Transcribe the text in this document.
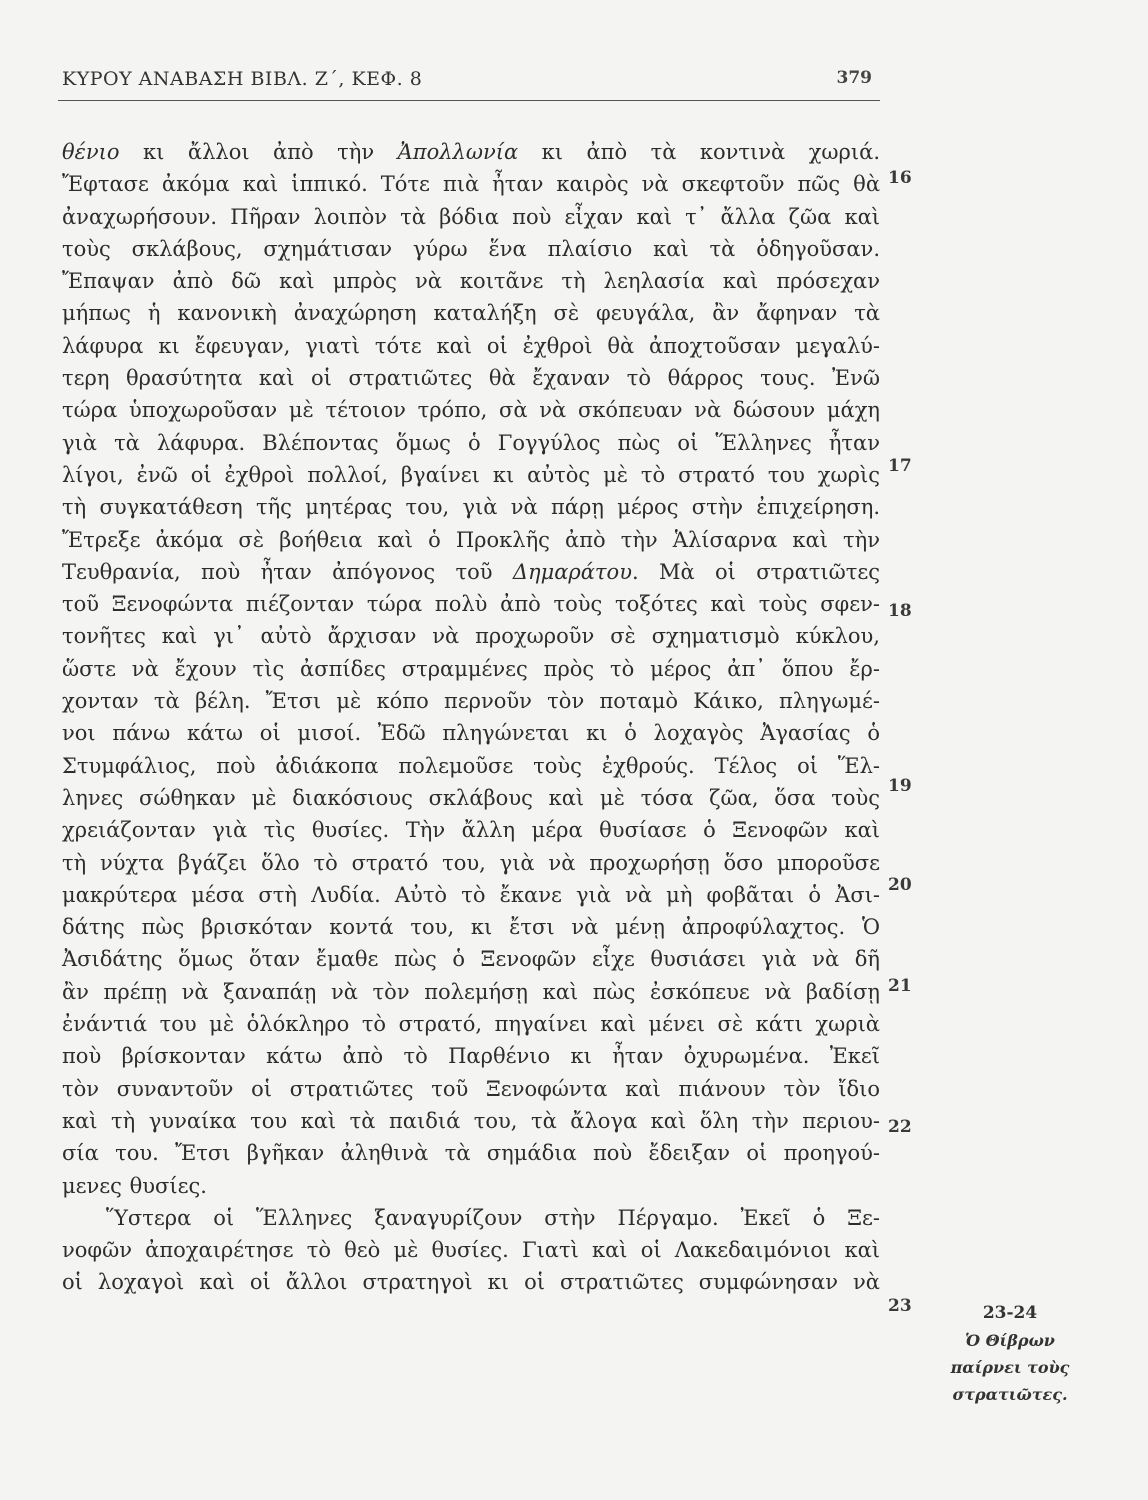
ΚΥΡΟΥ ΑΝΑΒΑΣΗ ΒΙΒΛ. Ζ΄, ΚΕΦ. 8	379
θένιο κι ἄλλοι ἀπὸ τὴν Ἀπολλωνία κι ἀπὸ τὰ κοντινὰ χωριά.
Ἔφτασε ἀκόμα καὶ ἱππικό. Τότε πιὰ ἦταν καιρὸς νὰ σκεφτοῦν πῶς θὰ
ἀναχωρήσουν. Πῆραν λοιπὸν τὰ βόδια ποὺ εἶχαν καὶ τ᾽ ἄλλα ζῶα καὶ
τοὺς σκλάβους, σχημάτισαν γύρω ἕνα πλαίσιο καὶ τὰ ὁδηγοῦσαν.
Ἔπαψαν ἀπὸ δῶ καὶ μπρὸς νὰ κοιτᾶνε τὴ λεηλασία καὶ πρόσεχαν
μήπως ἡ κανονικὴ ἀναχώρηση καταλήξη σὲ φευγάλα, ἂν ἄφηναν τὰ
λάφυρα κι ἔφευγαν, γιατὶ τότε καὶ οἱ ἐχθροὶ θὰ ἀποχτοῦσαν μεγαλύ-
τερη θρασύτητα καὶ οἱ στρατιῶτες θὰ ἔχαναν τὸ θάρρος τους. Ἐνῶ
τώρα ὑποχωροῦσαν μὲ τέτοιον τρόπο, σὰ νὰ σκόπευαν νὰ δώσουν μάχη
γιὰ τὰ λάφυρα. Βλέποντας ὅμως ὁ Γογγύλος πὼς οἱ Ἕλληνες ἦταν
λίγοι, ἐνῶ οἱ ἐχθροὶ πολλοί, βγαίνει κι αὐτὸς μὲ τὸ στρατό του χωρὶς
τὴ συγκατάθεση τῆς μητέρας του, γιὰ νὰ πάρῃ μέρος στὴν ἐπιχείρηση.
Ἔτρεξε ἀκόμα σὲ βοήθεια καὶ ὁ Προκλῆς ἀπὸ τὴν Ἁλίσαρνα καὶ τὴν
Τευθρανία, ποὺ ἦταν ἀπόγονος τοῦ Δημαράτου. Μὰ οἱ στρατιῶτες
τοῦ Ξενοφώντα πιέζονταν τώρα πολὺ ἀπὸ τοὺς τοξότες καὶ τοὺς σφεν-
τονῆτες καὶ γι᾽ αὐτὸ ἄρχισαν νὰ προχωροῦν σὲ σχηματισμὸ κύκλου,
ὥστε νὰ ἔχουν τὶς ἀσπίδες στραμμένες πρὸς τὸ μέρος ἀπ᾽ ὅπου ἔρ-
χονταν τὰ βέλη. Ἔτσι μὲ κόπο περνοῦν τὸν ποταμὸ Κάικο, πληγωμέ-
νοι πάνω κάτω οἱ μισοί. Ἐδῶ πληγώνεται κι ὁ λοχαγὸς Ἀγασίας ὁ
Στυμφάλιος, ποὺ ἀδιάκοπα πολεμοῦσε τοὺς ἐχθρούς. Τέλος οἱ Ἕλ-
ληνες σώθηκαν μὲ διακόσιους σκλάβους καὶ μὲ τόσα ζῶα, ὅσα τοὺς
χρειάζονταν γιὰ τὶς θυσίες. Τὴν ἄλλη μέρα θυσίασε ὁ Ξενοφῶν καὶ
τὴ νύχτα βγάζει ὅλο τὸ στρατό του, γιὰ νὰ προχωρήσῃ ὅσο μποροῦσε
μακρύτερα μέσα στὴ Λυδία. Αὐτὸ τὸ ἔκανε γιὰ νὰ μὴ φοβᾶται ὁ Ἀσι-
δάτης πὼς βρισκόταν κοντά του, κι ἔτσι νὰ μένῃ ἀπροφύλαχτος. Ὁ
Ἀσιδάτης ὅμως ὅταν ἔμαθε πὼς ὁ Ξενοφῶν εἶχε θυσιάσει γιὰ νὰ δῆ
ἂν πρέπῃ νὰ ξαναπάῃ νὰ τὸν πολεμήσῃ καὶ πὼς ἐσκόπευε νὰ βαδίσῃ
ἐνάντιά του μὲ ὁλόκληρο τὸ στρατό, πηγαίνει καὶ μένει σὲ κάτι χωριὰ
ποὺ βρίσκονταν κάτω ἀπὸ τὸ Παρθένιο κι ἦταν ὀχυρωμένα. Ἐκεῖ
τὸν συναντοῦν οἱ στρατιῶτες τοῦ Ξενοφώντα καὶ πιάνουν τὸν ἴδιο
καὶ τὴ γυναίκα του καὶ τὰ παιδιά του, τὰ ἄλογα καὶ ὅλη τὴν περιου-
σία του. Ἔτσι βγῆκαν ἀληθινὰ τὰ σημάδια ποὺ ἔδειξαν οἱ προηγού-
μενες θυσίες.
Ὕστερα οἱ Ἕλληνες ξαναγυρίζουν στὴν Πέργαμο. Ἐκεῖ ὁ Ξε-
νοφῶν ἀποχαιρέτησε τὸ θεὸ μὲ θυσίες. Γιατὶ καὶ οἱ Λακεδαιμόνιοι καὶ
οἱ λοχαγοὶ καὶ οἱ ἄλλοι στρατηγοὶ κι οἱ στρατιῶτες συμφώνησαν νὰ
16
17
18
19
20
21
22
23	23-24
Ὁ Θίβρων
παίρνει τοὺς
στρατιῶτες.
